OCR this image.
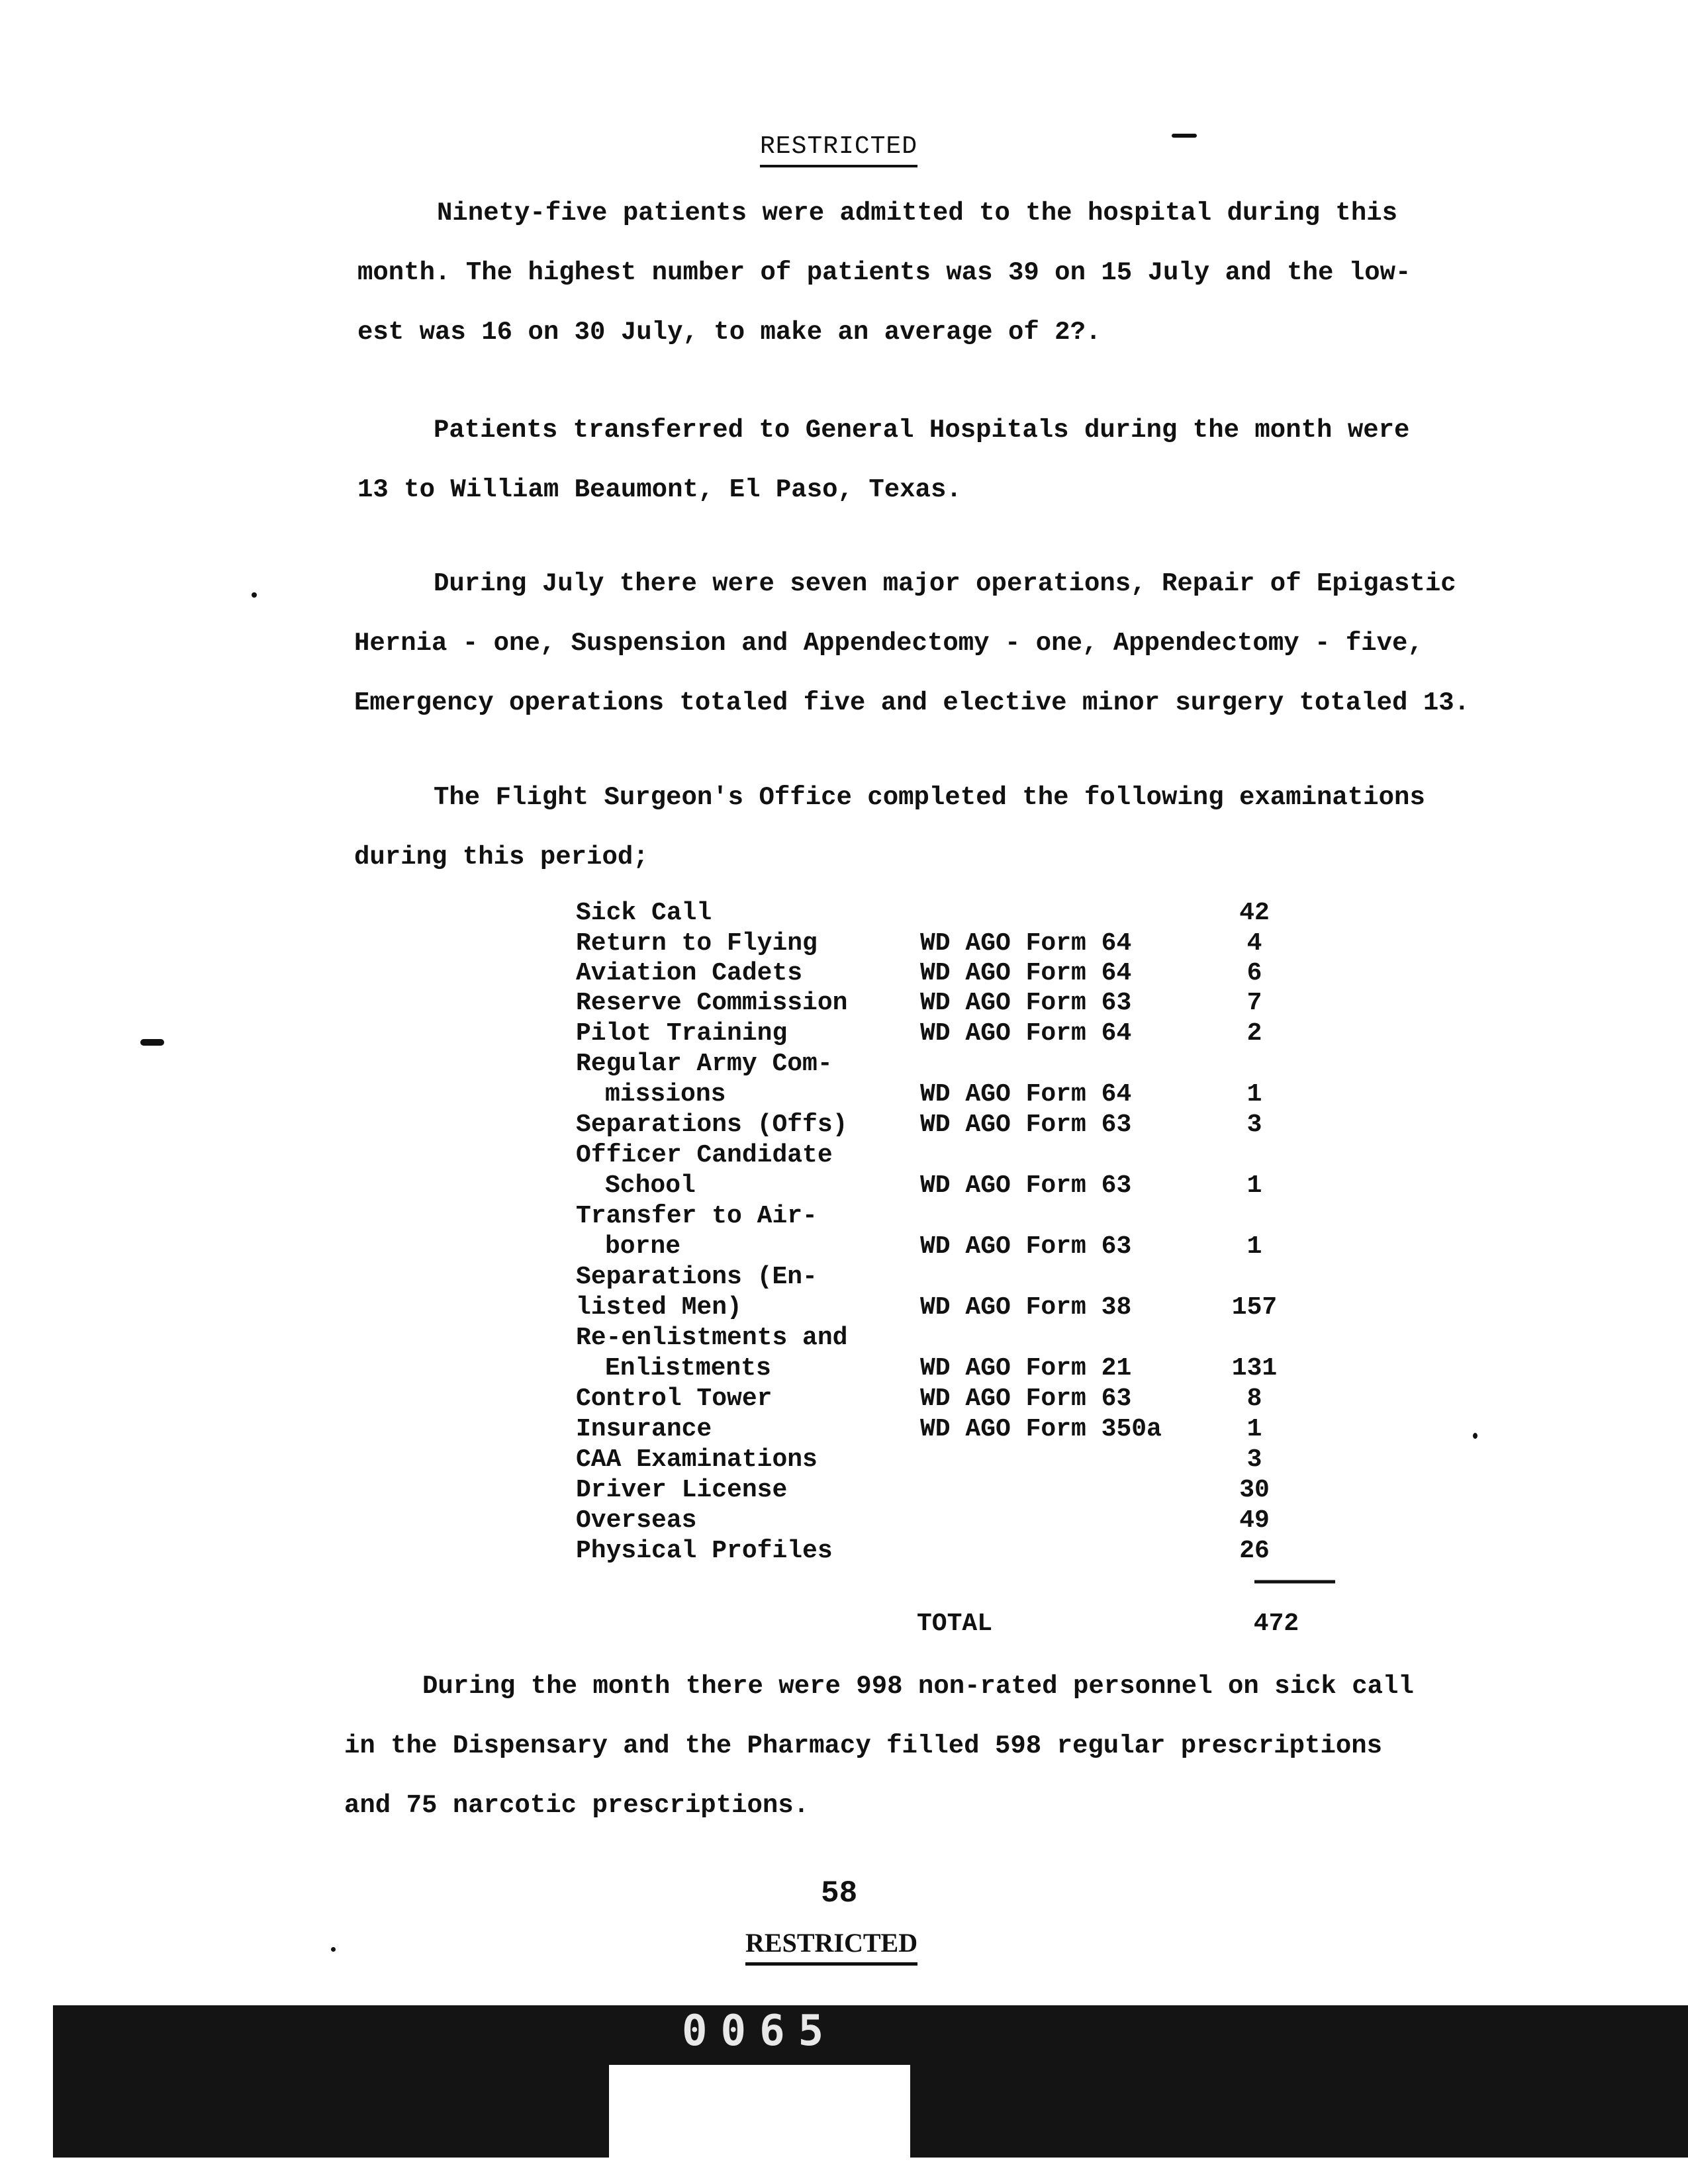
RESTRICTED
Ninety-five patients were admitted to the hospital during this
month. The highest number of patients was 39 on 15 July and the low-
est was 16 on 30 July, to make an average of 2?.
Patients transferred to General Hospitals during the month were
13 to William Beaumont, El Paso, Texas.
During July there were seven major operations, Repair of Epigastic
Hernia - one, Suspension and Appendectomy - one, Appendectomy - five,
Emergency operations totaled five and elective minor surgery totaled 13.
The Flight Surgeon's Office completed the following examinations
during this period;
Sick Call	42
Return to Flying	WD AGO Form 64	4
Aviation Cadets	WD AGO Form 64	6
Reserve Commission	WD AGO Form 63	7
Pilot Training	WD AGO Form 64	2
Regular Army Com-
missions	WD AGO Form 64	1
Separations (Offs)	WD AGO Form 63	3
Officer Candidate
School	WD AGO Form 63	1
Transfer to Air-
borne	WD AGO Form 63	1
Separations (En-
listed Men)	WD AGO Form 38	157
Re-enlistments and
Enlistments	WD AGO Form 21	131
Control Tower	WD AGO Form 63	8
Insurance	WD AGO Form 350a	1
CAA Examinations	3
Driver License	30
Overseas	49
Physical Profiles	26
TOTAL	472
During the month there were 998 non-rated personnel on sick call
in the Dispensary and the Pharmacy filled 598 regular prescriptions
and 75 narcotic prescriptions.
58
RESTRICTED
0065
